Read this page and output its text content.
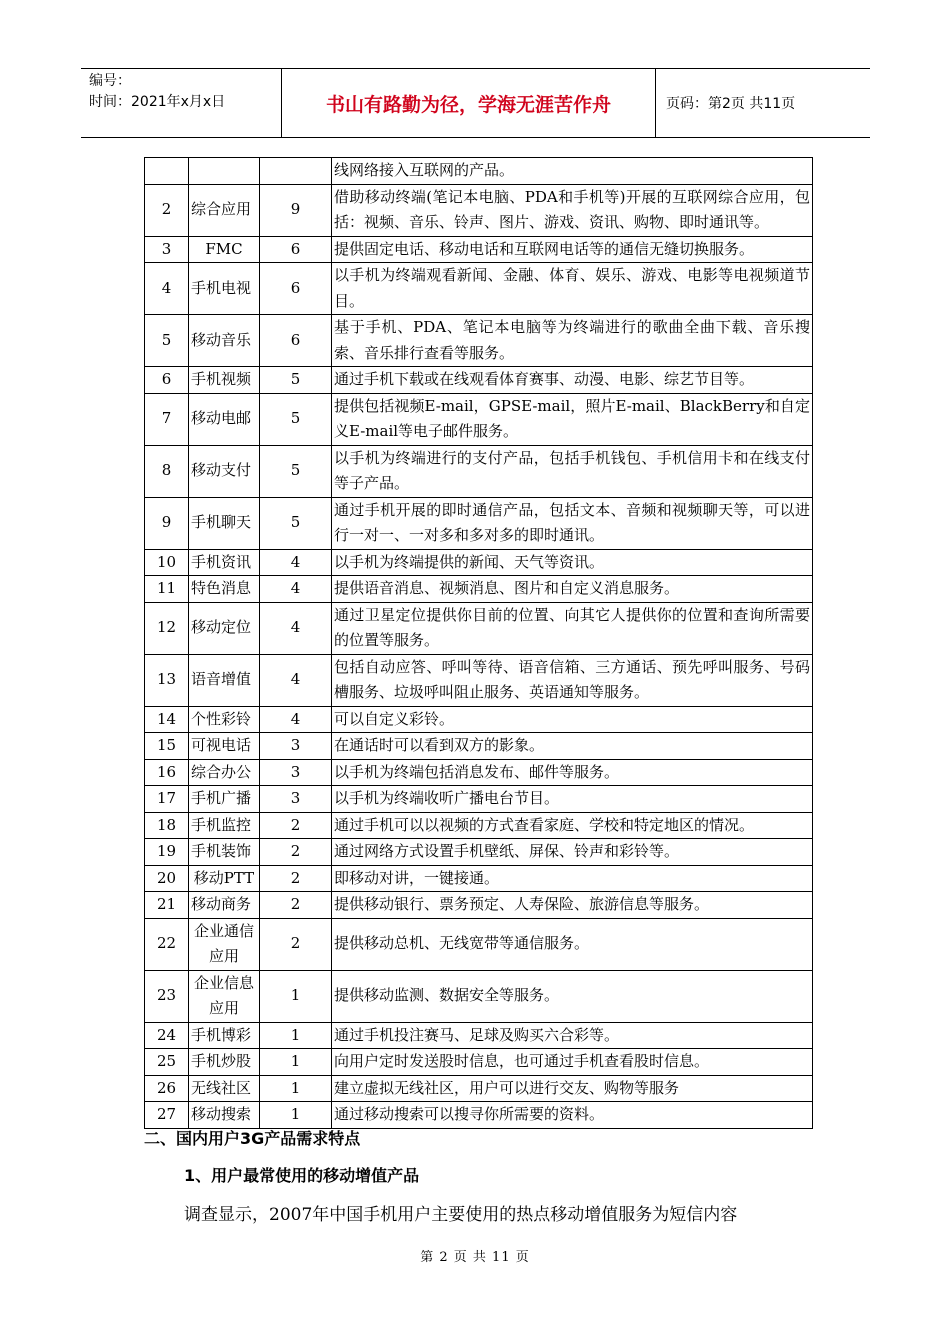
编号：
时间：2021年x月x日	书山有路勤为径，学海无涯苦作舟	页码：第2页 共11页
			线网络接入互联网的产品。
2	综合应用	9	借助移动终端(笔记本电脑、PDA和手机等)开展的互联网综合应用，包括：视频、音乐、铃声、图片、游戏、资讯、购物、即时通讯等。
3	FMC	6	提供固定电话、移动电话和互联网电话等的通信无缝切换服务。
4	手机电视	6	以手机为终端观看新闻、金融、体育、娱乐、游戏、电影等电视频道节目。
5	移动音乐	6	基于手机、PDA、笔记本电脑等为终端进行的歌曲全曲下载、音乐搜索、音乐排行查看等服务。
6	手机视频	5	通过手机下载或在线观看体育赛事、动漫、电影、综艺节目等。
7	移动电邮	5	提供包括视频E-mail，GPSE-mail，照片E-mail、BlackBerry和自定义E-mail等电子邮件服务。
8	移动支付	5	以手机为终端进行的支付产品，包括手机钱包、手机信用卡和在线支付等子产品。
9	手机聊天	5	通过手机开展的即时通信产品，包括文本、音频和视频聊天等，可以进行一对一、一对多和多对多的即时通讯。
10	手机资讯	4	以手机为终端提供的新闻、天气等资讯。
11	特色消息	4	提供语音消息、视频消息、图片和自定义消息服务。
12	移动定位	4	通过卫星定位提供你目前的位置、向其它人提供你的位置和查询所需要的位置等服务。
13	语音增值	4	包括自动应答、呼叫等待、语音信箱、三方通话、预先呼叫服务、号码槽服务、垃圾呼叫阻止服务、英语通知等服务。
14	个性彩铃	4	可以自定义彩铃。
15	可视电话	3	在通话时可以看到双方的影象。
16	综合办公	3	以手机为终端包括消息发布、邮件等服务。
17	手机广播	3	以手机为终端收听广播电台节目。
18	手机监控	2	通过手机可以以视频的方式查看家庭、学校和特定地区的情况。
19	手机装饰	2	通过网络方式设置手机壁纸、屏保、铃声和彩铃等。
20	移动PTT	2	即移动对讲，一键接通。
21	移动商务	2	提供移动银行、票务预定、人寿保险、旅游信息等服务。
22	企业通信应用	2	提供移动总机、无线宽带等通信服务。
23	企业信息应用	1	提供移动监测、数据安全等服务。
24	手机博彩	1	通过手机投注赛马、足球及购买六合彩等。
25	手机炒股	1	向用户定时发送股时信息，也可通过手机查看股时信息。
26	无线社区	1	建立虚拟无线社区，用户可以进行交友、购物等服务
27	移动搜索	1	通过移动搜索可以搜寻你所需要的资料。
二、国内用户3G产品需求特点
1、用户最常使用的移动增值产品
调查显示，2007年中国手机用户主要使用的热点移动增值服务为短信内容
第 2 页 共 11 页
